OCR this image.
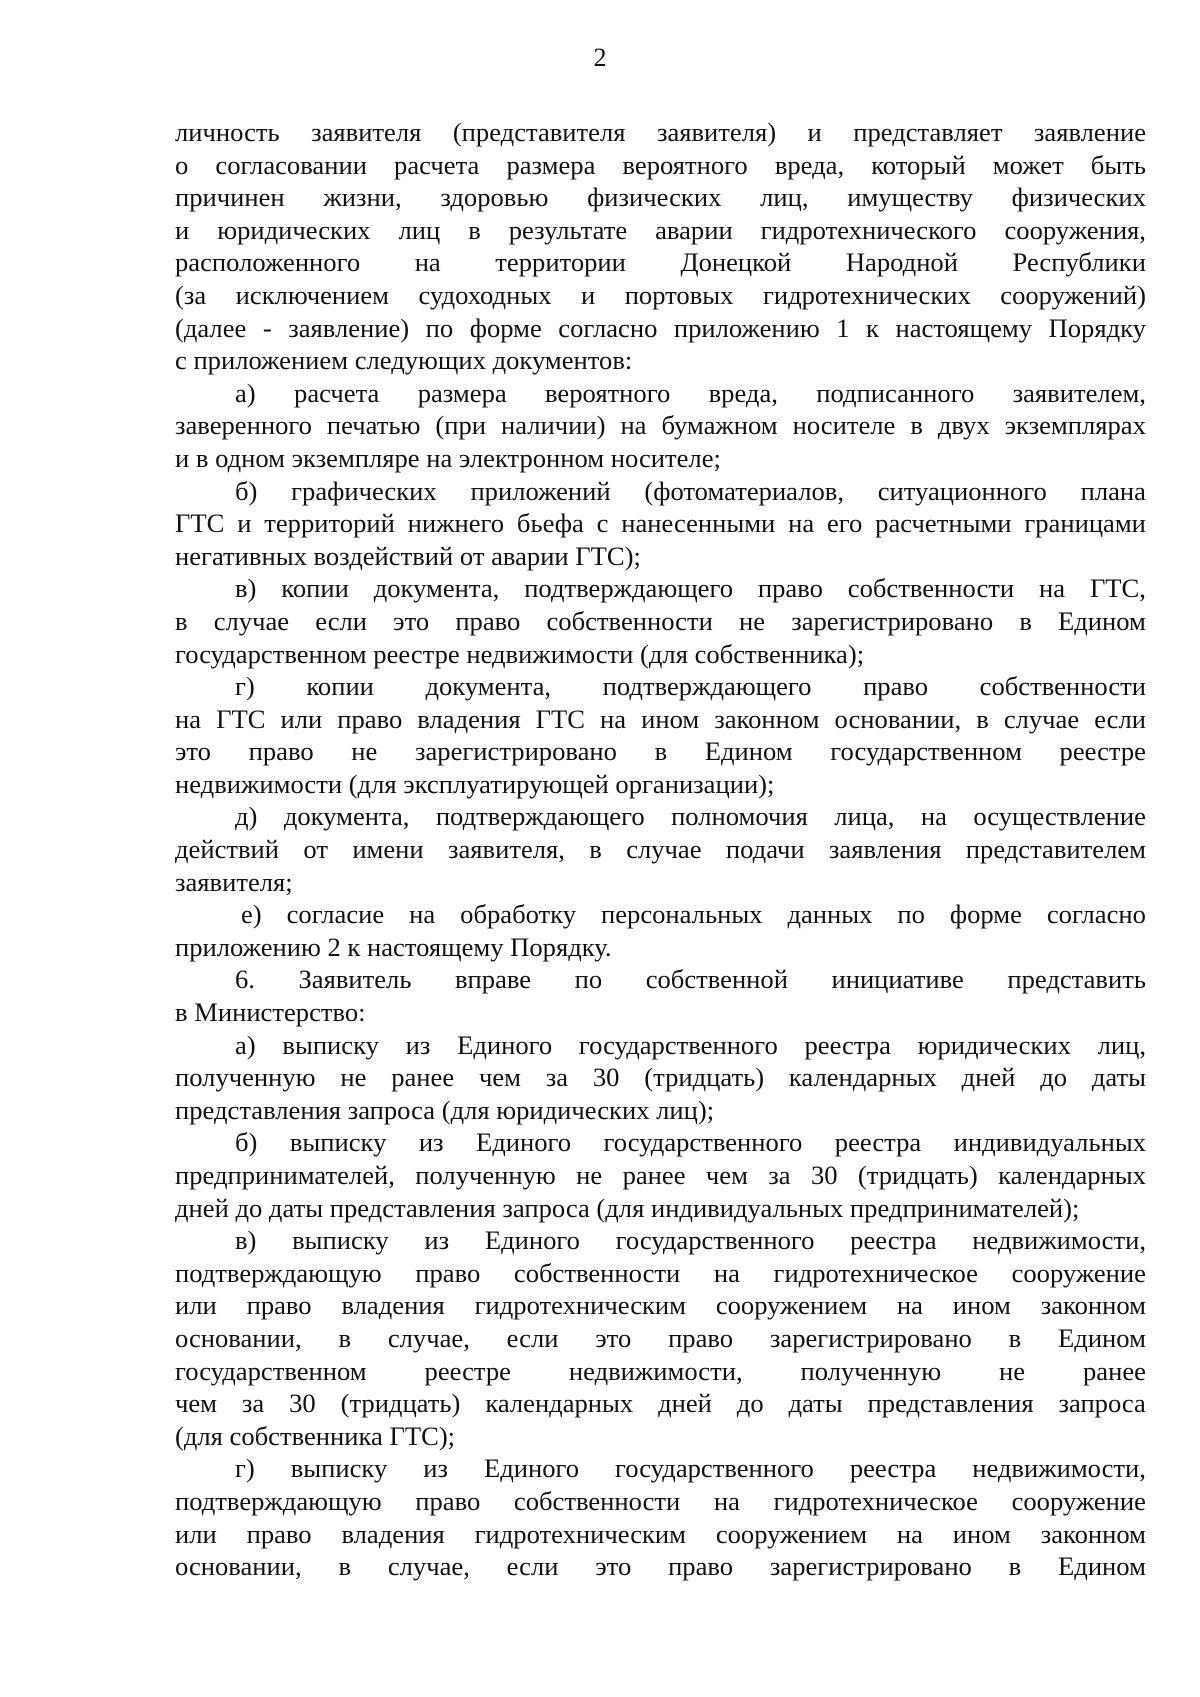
2
личность заявителя (представителя заявителя) и представляет заявление
о согласовании расчета размера вероятного вреда, который может быть
причинен жизни, здоровью физических лиц, имуществу физических
и юридических лиц в результате аварии гидротехнического сооружения,
расположенного на территории Донецкой Народной Республики
(за исключением судоходных и портовых гидротехнических сооружений)
(далее - заявление) по форме согласно приложению 1 к настоящему Порядку
с приложением следующих документов:
а) расчета размера вероятного вреда, подписанного заявителем,
заверенного печатью (при наличии) на бумажном носителе в двух экземплярах
и в одном экземпляре на электронном носителе;
б) графических приложений (фотоматериалов, ситуационного плана
ГТС и территорий нижнего бьефа с нанесенными на его расчетными границами
негативных воздействий от аварии ГТС);
в) копии документа, подтверждающего право собственности на ГТС,
в случае если это право собственности не зарегистрировано в Едином
государственном реестре недвижимости (для собственника);
г) копии документа, подтверждающего право собственности
на ГТС или право владения ГТС на ином законном основании, в случае если
это право не зарегистрировано в Едином государственном реестре
недвижимости (для эксплуатирующей организации);
д) документа, подтверждающего полномочия лица, на осуществление
действий от имени заявителя, в случае подачи заявления представителем
заявителя;
е) согласие на обработку персональных данных по форме согласно
приложению 2 к настоящему Порядку.
6. Заявитель вправе по собственной инициативе представить
в Министерство:
а) выписку из Единого государственного реестра юридических лиц,
полученную не ранее чем за 30 (тридцать) календарных дней до даты
представления запроса (для юридических лиц);
б) выписку из Единого государственного реестра индивидуальных
предпринимателей, полученную не ранее чем за 30 (тридцать) календарных
дней до даты представления запроса (для индивидуальных предпринимателей);
в) выписку из Единого государственного реестра недвижимости,
подтверждающую право собственности на гидротехническое сооружение
или право владения гидротехническим сооружением на ином законном
основании, в случае, если это право зарегистрировано в Едином
государственном реестре недвижимости, полученную не ранее
чем за 30 (тридцать) календарных дней до даты представления запроса
(для собственника ГТС);
г) выписку из Единого государственного реестра недвижимости,
подтверждающую право собственности на гидротехническое сооружение
или право владения гидротехническим сооружением на ином законном
основании, в случае, если это право зарегистрировано в Едином
